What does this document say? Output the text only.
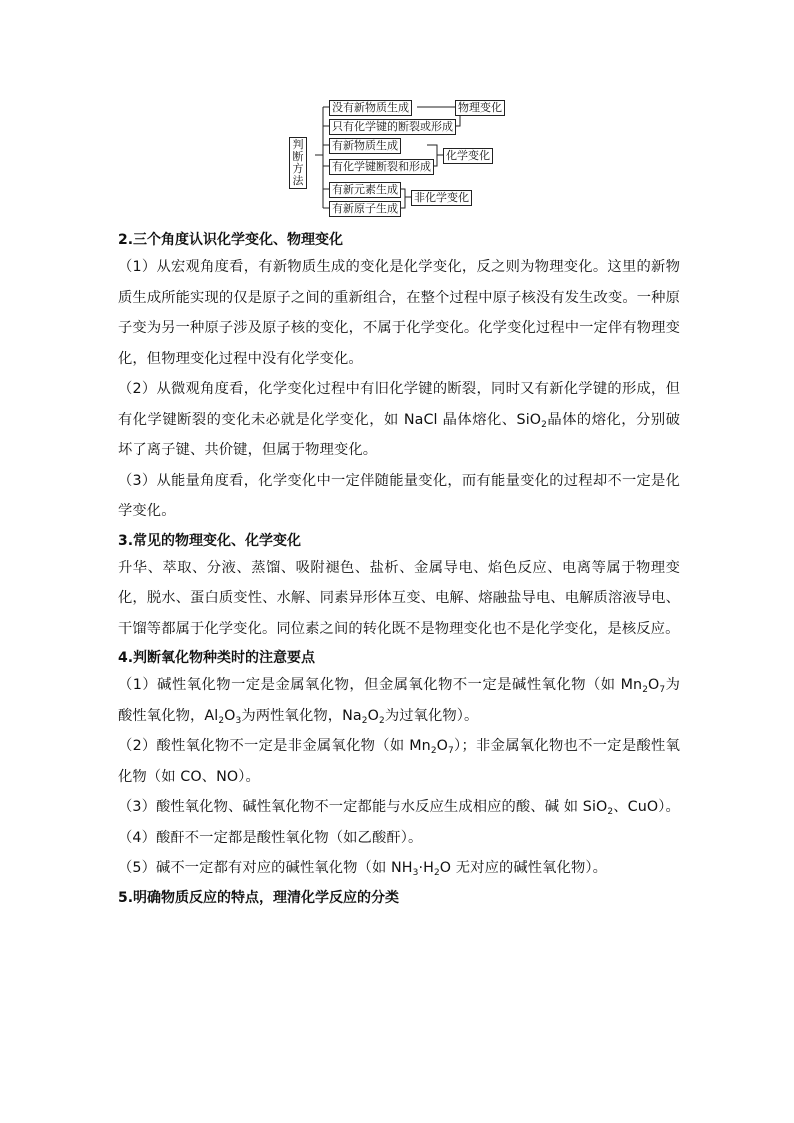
判
断
方
法
没有新物质生成
只有化学键的断裂或形成
有新物质生成
有化学键断裂和形成
有新元素生成
有新原子生成
物理变化
化学变化
非化学变化

2.三个角度认识化学变化、物理变化

（1）从宏观角度看，有新物质生成的变化是化学变化，反之则为物理变化。这里的新物质生成所能实现的仅是原子之间的重新组合，在整个过程中原子核没有发生改变。一种原子变为另一种原子涉及原子核的变化，不属于化学变化。化学变化过程中一定伴有物理变化，但物理变化过程中没有化学变化。

（2）从微观角度看，化学变化过程中有旧化学键的断裂，同时又有新化学键的形成，但有化学键断裂的变化未必就是化学变化，如 NaCl 晶体熔化、SiO$_2$晶体的熔化，分别破坏了离子键、共价键，但属于物理变化。

（3）从能量角度看，化学变化中一定伴随能量变化，而有能量变化的过程却不一定是化学变化。

3.常见的物理变化、化学变化

升华、萃取、分液、蒸馏、吸附褪色、盐析、金属导电、焰色反应、电离等属于物理变化，脱水、蛋白质变性、水解、同素异形体互变、电解、熔融盐导电、电解质溶液导电、干馏等都属于化学变化。同位素之间的转化既不是物理变化也不是化学变化，是核反应。

4.判断氧化物种类时的注意要点

（1）碱性氧化物一定是金属氧化物，但金属氧化物不一定是碱性氧化物（如 $Mn_2O_7$为酸性氧化物，$Al_2O_3$为两性氧化物，$Na_2O_2$为过氧化物）。

（2）酸性氧化物不一定是非金属氧化物（如 $Mn_2O_7$）；非金属氧化物也不一定是酸性氧化物（如 CO、NO）。

（3）酸性氧化物、碱性氧化物不一定都能与水反应生成相应的酸、碱 如 SiO$_2$、CuO）。

（4）酸酐不一定都是酸性氧化物（如乙酸酐）。

（5）碱不一定都有对应的碱性氧化物（如 $NH_3\cdot H_2O$ 无对应的碱性氧化物）。

5.明确物质反应的特点，理清化学反应的分类
